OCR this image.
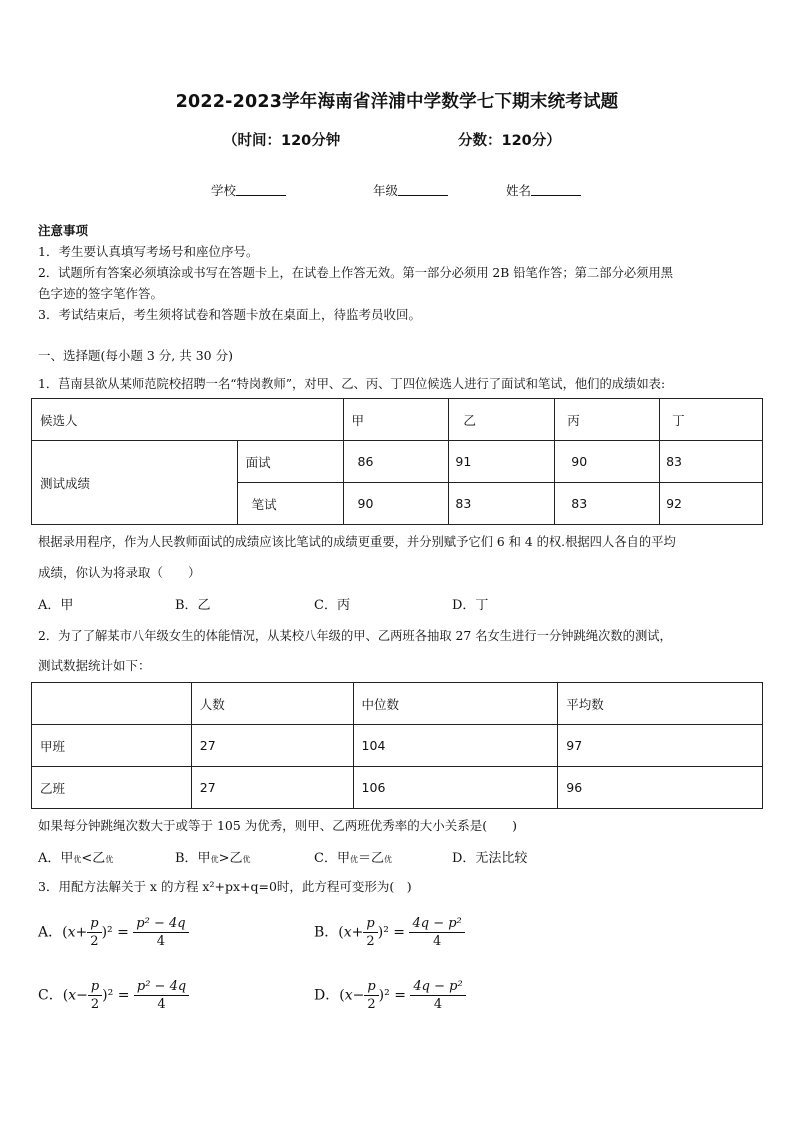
2022-2023学年海南省洋浦中学数学七下期末统考试题
（时间：120分钟	分数：120分）
学校	年级	姓名
注意事项
1．考生要认真填写考场号和座位序号。
2．试题所有答案必须填涂或书写在答题卡上，在试卷上作答无效。第一部分必须用 2B 铅笔作答；第二部分必须用黑
色字迹的签字笔作答。
3．考试结束后，考生须将试卷和答题卡放在桌面上，待监考员收回。
一、选择题(每小题 3 分, 共 30 分)
1．莒南县欲从某师范院校招聘一名“特岗教师”，对甲、乙、丙、丁四位候选人进行了面试和笔试，他们的成绩如表:
候选人		甲	乙	丙	丁
测试成绩	面试	86	91	90	83
	笔试	90	83	83	92
根据录用程序，作为人民教师面试的成绩应该比笔试的成绩更重要，并分别赋予它们 6 和 4 的权.根据四人各自的平均
成绩，你认为将录取（　　）
A．甲	B．乙	C．丙	D．丁
2．为了了解某市八年级女生的体能情况，从某校八年级的甲、乙两班各抽取 27 名女生进行一分钟跳绳次数的测试，
测试数据统计如下：
	人数	中位数	平均数
甲班	27	104	97
乙班	27	106	96
如果每分钟跳绳次数大于或等于 105 为优秀，则甲、乙两班优秀率的大小关系是(　　)
A．甲优<乙优	B．甲优>乙优	C．甲优＝乙优	D．无法比较
3．用配方法解关于 x 的方程 x²+px+q=0时，此方程可变形为(　)
A．$(x+ \frac{p}{2} )^2 = \frac{\text{p² − 4q}}{4}$	B．$(x+ \frac{p}{2} )^2 = \frac{\text{4q − p²}}{4}$
C．$(x- \frac{p}{2} )^2 = \frac{\text{p² − 4q}}{4}$	D．$(x- \frac{p}{2} )^2 = \frac{\text{4q − p²}}{4}$
